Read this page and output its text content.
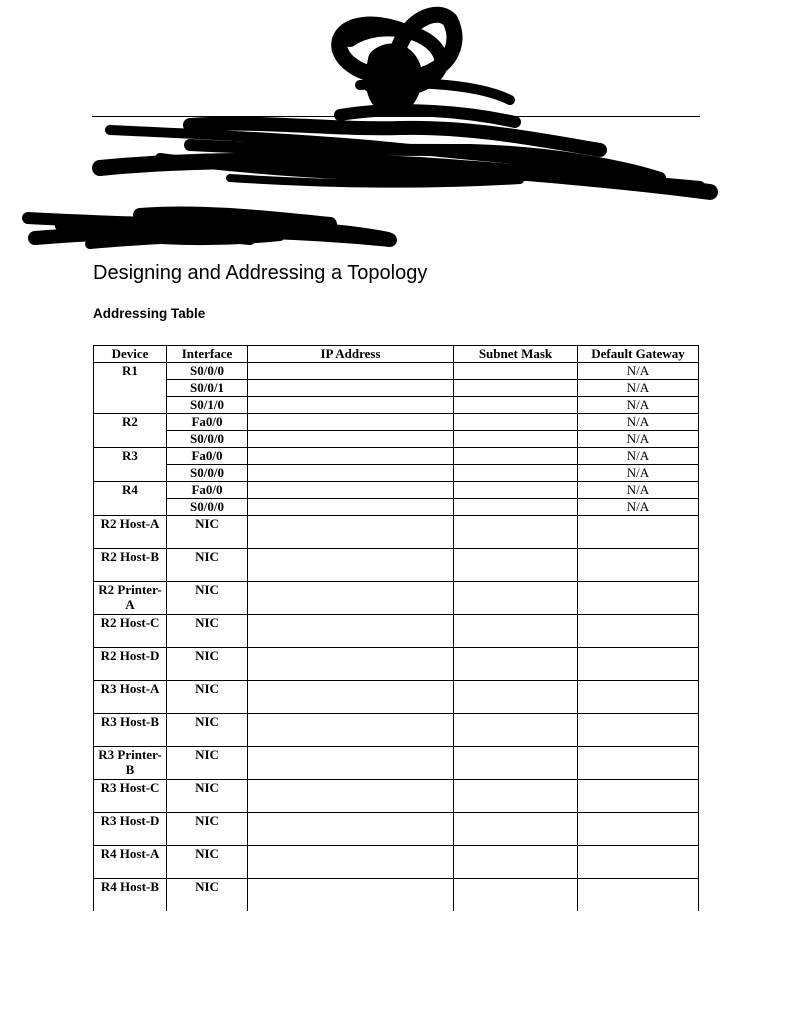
Designing and Addressing a Topology
Addressing Table
Device	Interface	IP Address	Subnet Mask	Default Gateway
R1	S0/0/0			N/A
	S0/0/1			N/A
	S0/1/0			N/A
R2	Fa0/0			N/A
	S0/0/0			N/A
R3	Fa0/0			N/A
	S0/0/0			N/A
R4	Fa0/0			N/A
	S0/0/0			N/A
R2 Host-A	NIC			
R2 Host-B	NIC			
R2 Printer-A	NIC			
R2 Host-C	NIC			
R2 Host-D	NIC			
R3 Host-A	NIC			
R3 Host-B	NIC			
R3 Printer-B	NIC			
R3 Host-C	NIC			
R3 Host-D	NIC			
R4 Host-A	NIC			
R4 Host-B	NIC			
